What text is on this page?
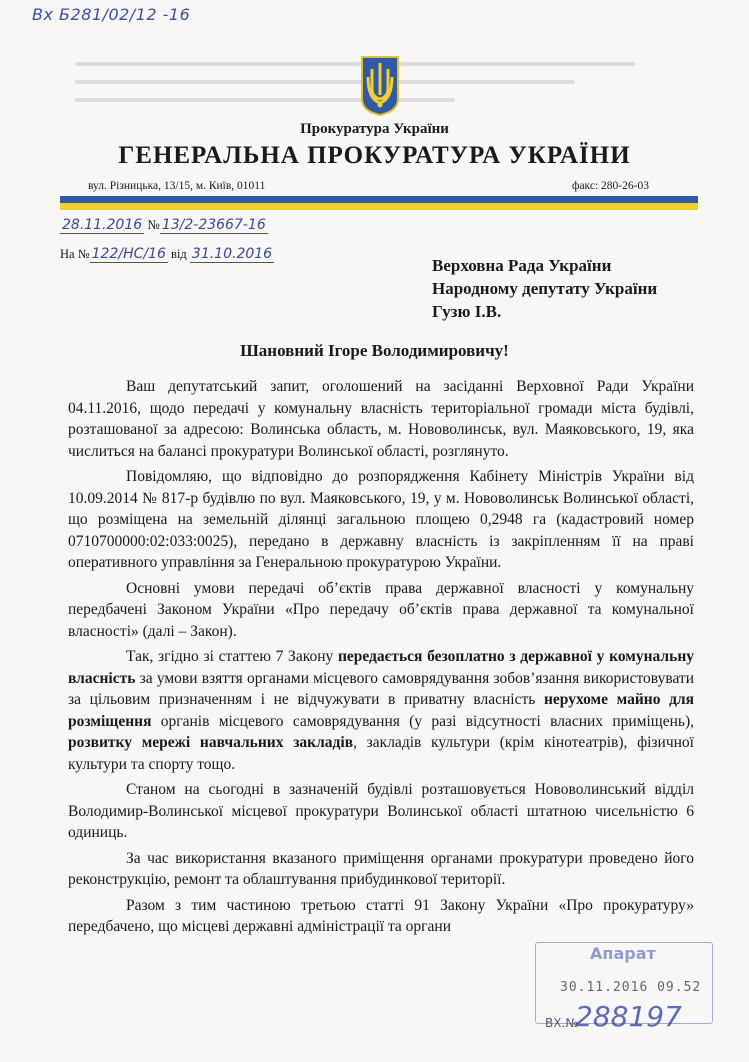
Вх Б281/02/12 -16
Прокуратура України
ГЕНЕРАЛЬНА ПРОКУРАТУРА УКРАЇНИ
вул. Різницька, 13/15, м. Київ, 01011	факс: 280-26-03
28.11.2016 № 13/2-23667-16
На № 122/НС/16 від 31.10.2016
Верховна Рада України
Народному депутату України
Гузю І.В.
Шановний Ігоре Володимировичу!

Ваш депутатський запит, оголошений на засіданні Верховної Ради України 04.11.2016, щодо передачі у комунальну власність територіальної громади міста будівлі, розташованої за адресою: Волинська область, м. Нововолинськ, вул. Маяковського, 19, яка числиться на балансі прокуратури Волинської області, розглянуто.

Повідомляю, що відповідно до розпорядження Кабінету Міністрів України від 10.09.2014 № 817-р будівлю по вул. Маяковського, 19, у м. Нововолинськ Волинської області, що розміщена на земельній ділянці загальною площею 0,2948 га (кадастровий номер 0710700000:02:033:0025), передано в державну власність із закріпленням її на праві оперативного управління за Генеральною прокуратурою України.

Основні умови передачі об’єктів права державної власності у комунальну передбачені Законом України «Про передачу об’єктів права державної та комунальної власності» (далі – Закон).

Так, згідно зі статтею 7 Закону передається безоплатно з державної у комунальну власність за умови взяття органами місцевого самоврядування зобов’язання використовувати за цільовим призначенням і не відчужувати в приватну власність нерухоме майно для розміщення органів місцевого самоврядування (у разі відсутності власних приміщень), розвитку мережі навчальних закладів, закладів культури (крім кінотеатрів), фізичної культури та спорту тощо.

Станом на сьогодні в зазначеній будівлі розташовується Нововолинський відділ Володимир-Волинської місцевої прокуратури Волинської області штатною чисельністю 6 одиниць.

За час використання вказаного приміщення органами прокуратури проведено його реконструкцію, ремонт та облаштування прибудинкової території.

Разом з тим частиною третьою статті 91 Закону України «Про прокуратуру» передбачено, що місцеві державні адміністрації та органи

Апарат
30.11.2016 09.52
ВХ.№
288197
